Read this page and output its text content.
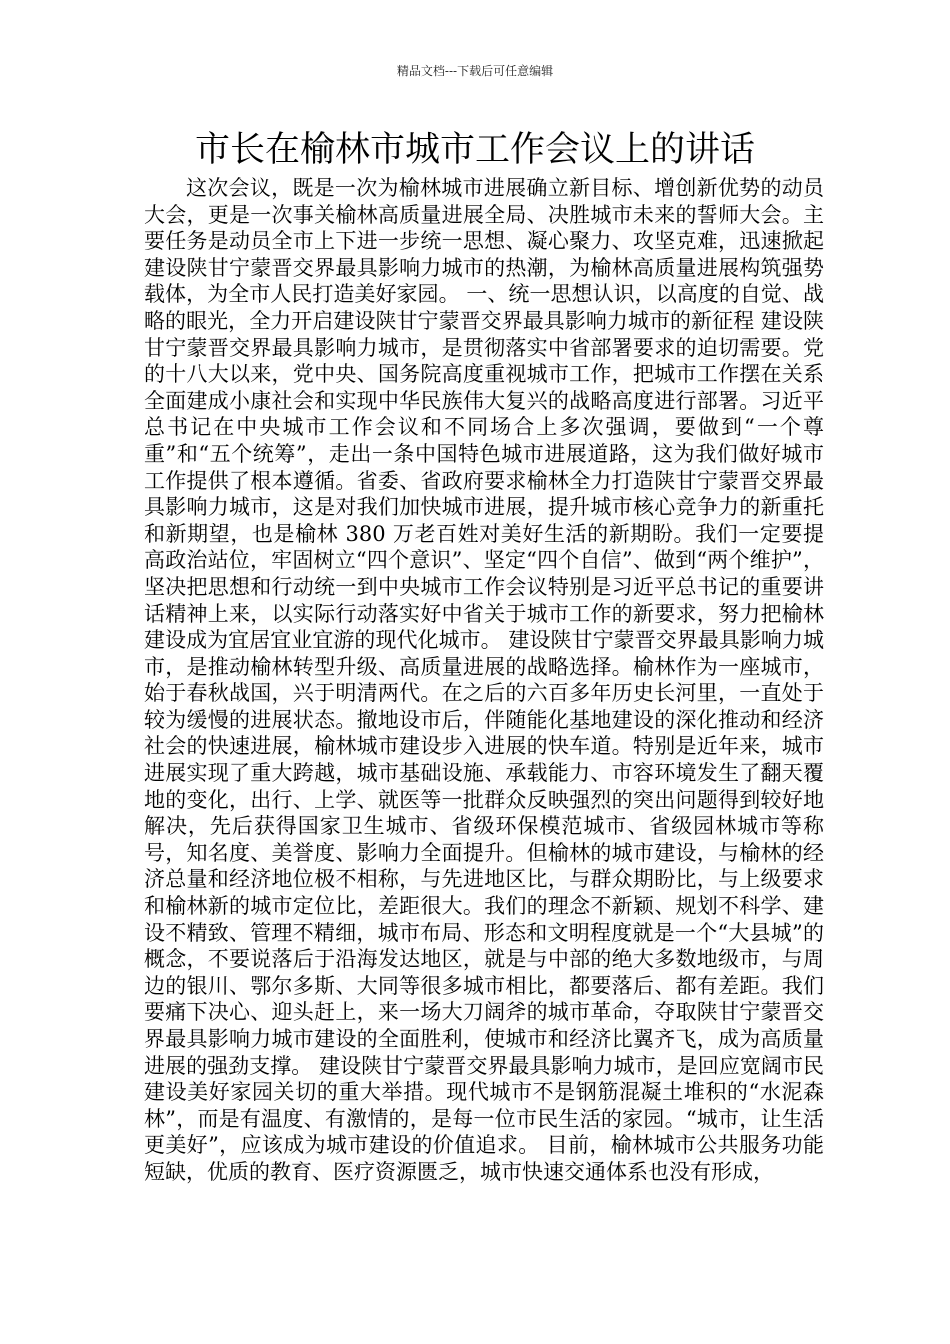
精品文档---下载后可任意编辑
市长在榆林市城市工作会议上的讲话

这次会议，既是一次为榆林城市进展确立新目标、增创新优势的动员大会，更是一次事关榆林高质量进展全局、决胜城市未来的誓师大会。主要任务是动员全市上下进一步统一思想、凝心聚力、攻坚克难，迅速掀起建设陕甘宁蒙晋交界最具影响力城市的热潮，为榆林高质量进展构筑强势载体，为全市人民打造美好家园。 一、统一思想认识，以高度的自觉、战略的眼光，全力开启建设陕甘宁蒙晋交界最具影响力城市的新征程 建设陕甘宁蒙晋交界最具影响力城市，是贯彻落实中省部署要求的迫切需要。党的十八大以来，党中央、国务院高度重视城市工作，把城市工作摆在关系全面建成小康社会和实现中华民族伟大复兴的战略高度进行部署。习近平总书记在中央城市工作会议和不同场合上多次强调，要做到“一个尊重”和“五个统筹”，走出一条中国特色城市进展道路，这为我们做好城市工作提供了根本遵循。省委、省政府要求榆林全力打造陕甘宁蒙晋交界最具影响力城市，这是对我们加快城市进展，提升城市核心竞争力的新重托和新期望，也是榆林 380 万老百姓对美好生活的新期盼。我们一定要提高政治站位，牢固树立“四个意识”、坚定“四个自信”、做到“两个维护”，坚决把思想和行动统一到中央城市工作会议特别是习近平总书记的重要讲话精神上来，以实际行动落实好中省关于城市工作的新要求，努力把榆林建设成为宜居宜业宜游的现代化城市。 建设陕甘宁蒙晋交界最具影响力城市，是推动榆林转型升级、高质量进展的战略选择。榆林作为一座城市，始于春秋战国，兴于明清两代。在之后的六百多年历史长河里，一直处于较为缓慢的进展状态。撤地设市后，伴随能化基地建设的深化推动和经济社会的快速进展，榆林城市建设步入进展的快车道。特别是近年来，城市进展实现了重大跨越，城市基础设施、承载能力、市容环境发生了翻天覆地的变化，出行、上学、就医等一批群众反映强烈的突出问题得到较好地解决，先后获得国家卫生城市、省级环保模范城市、省级园林城市等称号，知名度、美誉度、影响力全面提升。但榆林的城市建设，与榆林的经济总量和经济地位极不相称，与先进地区比，与群众期盼比，与上级要求和榆林新的城市定位比，差距很大。我们的理念不新颖、规划不科学、建设不精致、管理不精细，城市布局、形态和文明程度就是一个“大县城”的概念，不要说落后于沿海发达地区，就是与中部的绝大多数地级市，与周边的银川、鄂尔多斯、大同等很多城市相比，都要落后、都有差距。我们要痛下决心、迎头赶上，来一场大刀阔斧的城市革命，夺取陕甘宁蒙晋交界最具影响力城市建设的全面胜利，使城市和经济比翼齐飞，成为高质量进展的强劲支撑。 建设陕甘宁蒙晋交界最具影响力城市，是回应宽阔市民建设美好家园关切的重大举措。现代城市不是钢筋混凝土堆积的“水泥森林”，而是有温度、有激情的，是每一位市民生活的家园。“城市，让生活更美好”，应该成为城市建设的价值追求。 目前，榆林城市公共服务功能短缺，优质的教育、医疗资源匮乏，城市快速交通体系也没有形成，
